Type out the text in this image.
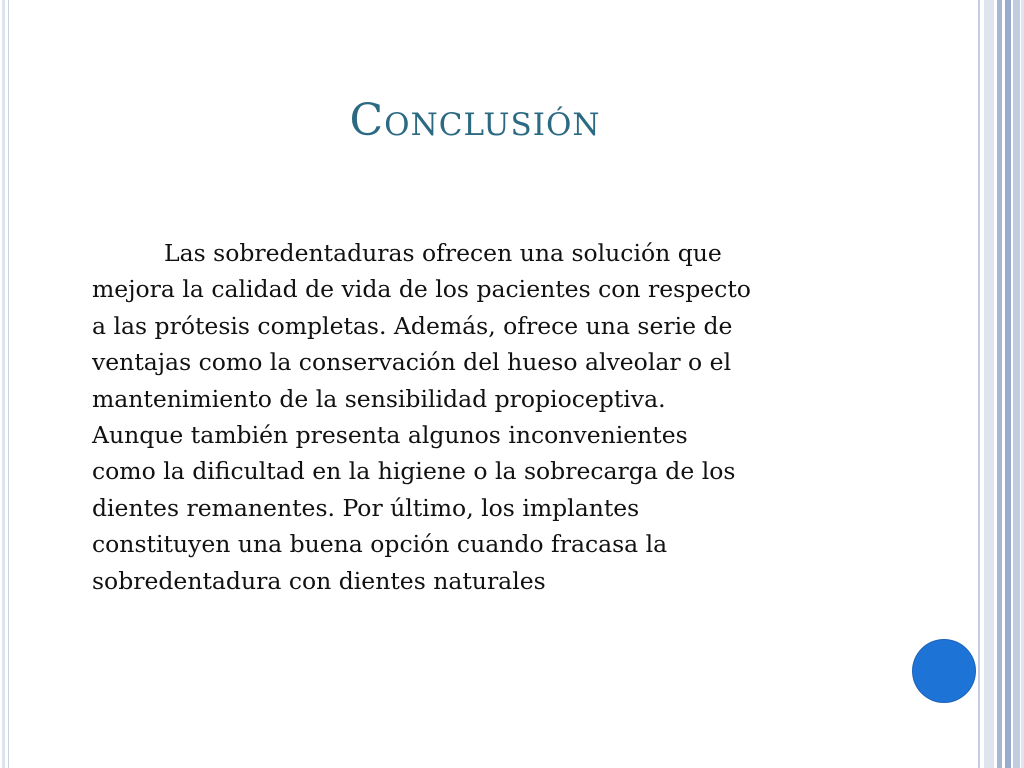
Conclusión
Las sobredentaduras ofrecen una solución que
mejora la calidad de vida de los pacientes con respecto
a las prótesis completas. Además, ofrece una serie de
ventajas como la conservación del hueso alveolar o el
mantenimiento de la sensibilidad propioceptiva.
Aunque también presenta algunos inconvenientes
como la dificultad en la higiene o la sobrecarga de los
dientes remanentes. Por último, los implantes
constituyen una buena opción cuando fracasa la
sobredentadura con dientes naturales
